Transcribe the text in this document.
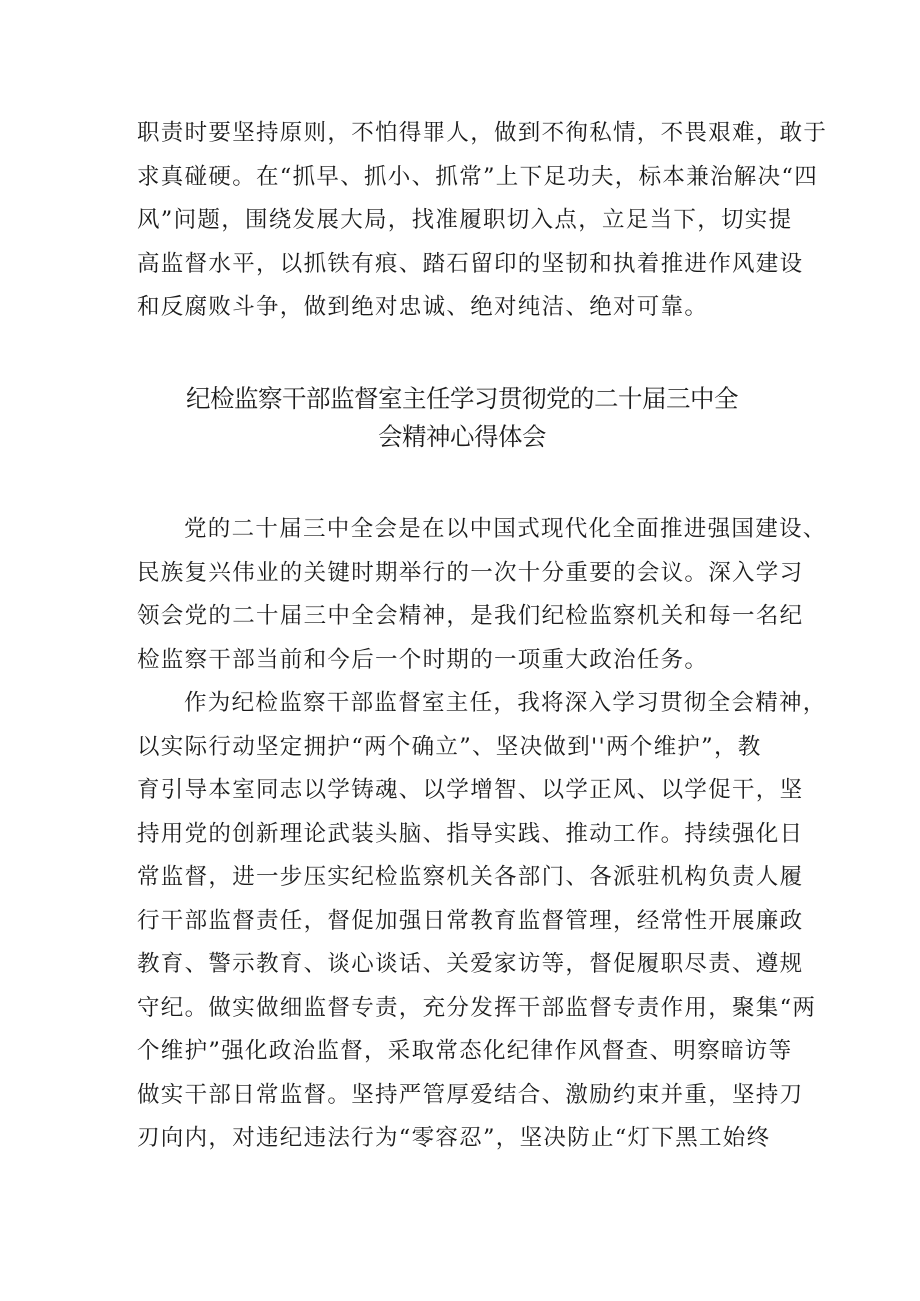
职责时要坚持原则，不怕得罪人，做到不徇私情，不畏艰难，敢于
求真碰硬。在“抓早、抓小、抓常”上下足功夫，标本兼治解决“四
风”问题，围绕发展大局，找准履职切入点，立足当下，切实提
高监督水平，以抓铁有痕、踏石留印的坚韧和执着推进作风建设
和反腐败斗争，做到绝对忠诚、绝对纯洁、绝对可靠。
纪检监察干部监督室主任学习贯彻党的二十届三中全
会精神心得体会
党的二十届三中全会是在以中国式现代化全面推进强国建设、
民族复兴伟业的关键时期举行的一次十分重要的会议。深入学习
领会党的二十届三中全会精神，是我们纪检监察机关和每一名纪
检监察干部当前和今后一个时期的一项重大政治任务。
作为纪检监察干部监督室主任，我将深入学习贯彻全会精神，
以实际行动坚定拥护“两个确立”、坚决做到''两个维护”，教
育引导本室同志以学铸魂、以学增智、以学正风、以学促干，坚
持用党的创新理论武装头脑、指导实践、推动工作。持续强化日
常监督，进一步压实纪检监察机关各部门、各派驻机构负责人履
行干部监督责任，督促加强日常教育监督管理，经常性开展廉政
教育、警示教育、谈心谈话、关爱家访等，督促履职尽责、遵规
守纪。做实做细监督专责，充分发挥干部监督专责作用，聚集“两
个维护”强化政治监督，采取常态化纪律作风督查、明察暗访等
做实干部日常监督。坚持严管厚爱结合、激励约束并重，坚持刀
刃向内，对违纪违法行为“零容忍”，坚决防止“灯下黑工始终
